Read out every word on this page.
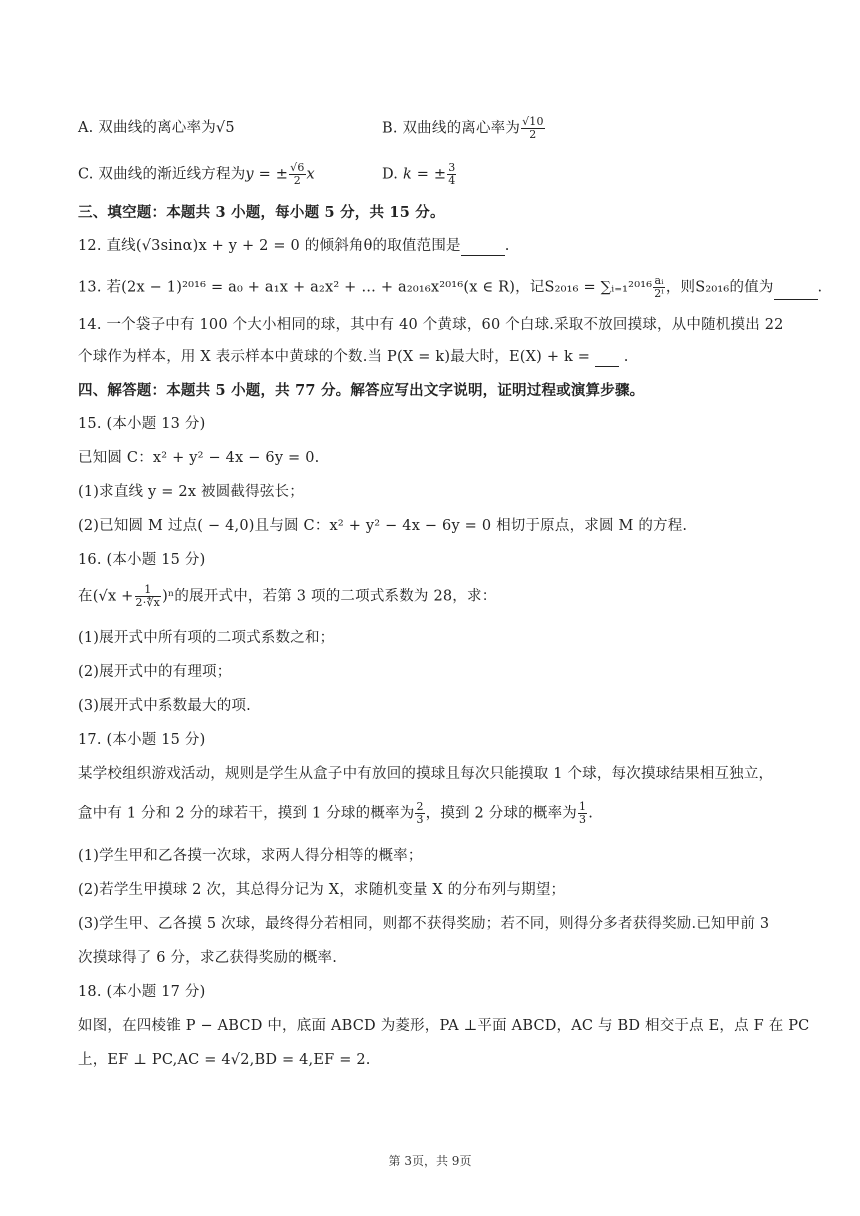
A. 双曲线的离心率为√5	B. 双曲线的离心率为 $\frac{√10}{2}$
C. 双曲线的渐近线方程为y = ± $\frac{√6}{2}$ x	D. k = ± $\frac{3}{4}$
三、填空题：本题共 3 小题，每小题 5 分，共 15 分。
12. 直线(√3sinα)x + y + 2 = 0 的倾斜角θ的取值范围是	.
13. 若(2x − 1)²⁰¹⁶ = a₀ + a₁x + a₂x² + … + a₂₀₁₆x²⁰¹⁶(x ∈ R)，记S₂₀₁₆ = ∑ᵢ₌₁²⁰¹⁶ $\frac{\text{aᵢ}}{\text{2ⁱ}}$ ，则S₂₀₁₆的值为	.
14. 一个袋子中有 100 个大小相同的球，其中有 40 个黄球，60 个白球.采取不放回摸球，从中随机摸出 22
个球作为样本，用 X 表示样本中黄球的个数.当 P(X = k)最大时，E(X) + k =  .
四、解答题：本题共 5 小题，共 77 分。解答应写出文字说明，证明过程或演算步骤。
15. (本小题 13 分)
已知圆 C：x² + y² − 4x − 6y = 0.
(1)求直线 y = 2x 被圆截得弦长；
(2)已知圆 M 过点( − 4,0)且与圆 C：x² + y² − 4x − 6y = 0 相切于原点，求圆 M 的方程.
16. (本小题 15 分)
在$(√x + \frac{1}{2\cdot∜x} )^n$的展开式中，若第 3 项的二项式系数为 28，求：
(1)展开式中所有项的二项式系数之和；
(2)展开式中的有理项；
(3)展开式中系数最大的项.
17. (本小题 15 分)
某学校组织游戏活动，规则是学生从盒子中有放回的摸球且每次只能摸取 1 个球，每次摸球结果相互独立，
盒中有 1 分和 2 分的球若干，摸到 1 分球的概率为 $\frac{2}{3}$ ，摸到 2 分球的概率为 $\frac{1}{3}$ .
(1)学生甲和乙各摸一次球，求两人得分相等的概率；
(2)若学生甲摸球 2 次，其总得分记为 X，求随机变量 X 的分布列与期望；
(3)学生甲、乙各摸 5 次球，最终得分若相同，则都不获得奖励；若不同，则得分多者获得奖励.已知甲前 3
次摸球得了 6 分，求乙获得奖励的概率.
18. (本小题 17 分)
如图，在四棱锥 P − ABCD 中，底面 ABCD 为菱形，PA ⊥平面 ABCD，AC 与 BD 相交于点 E，点 F 在 PC
上，EF ⊥ PC,AC = 4√2,BD = 4,EF = 2.
第 3页，共 9页
